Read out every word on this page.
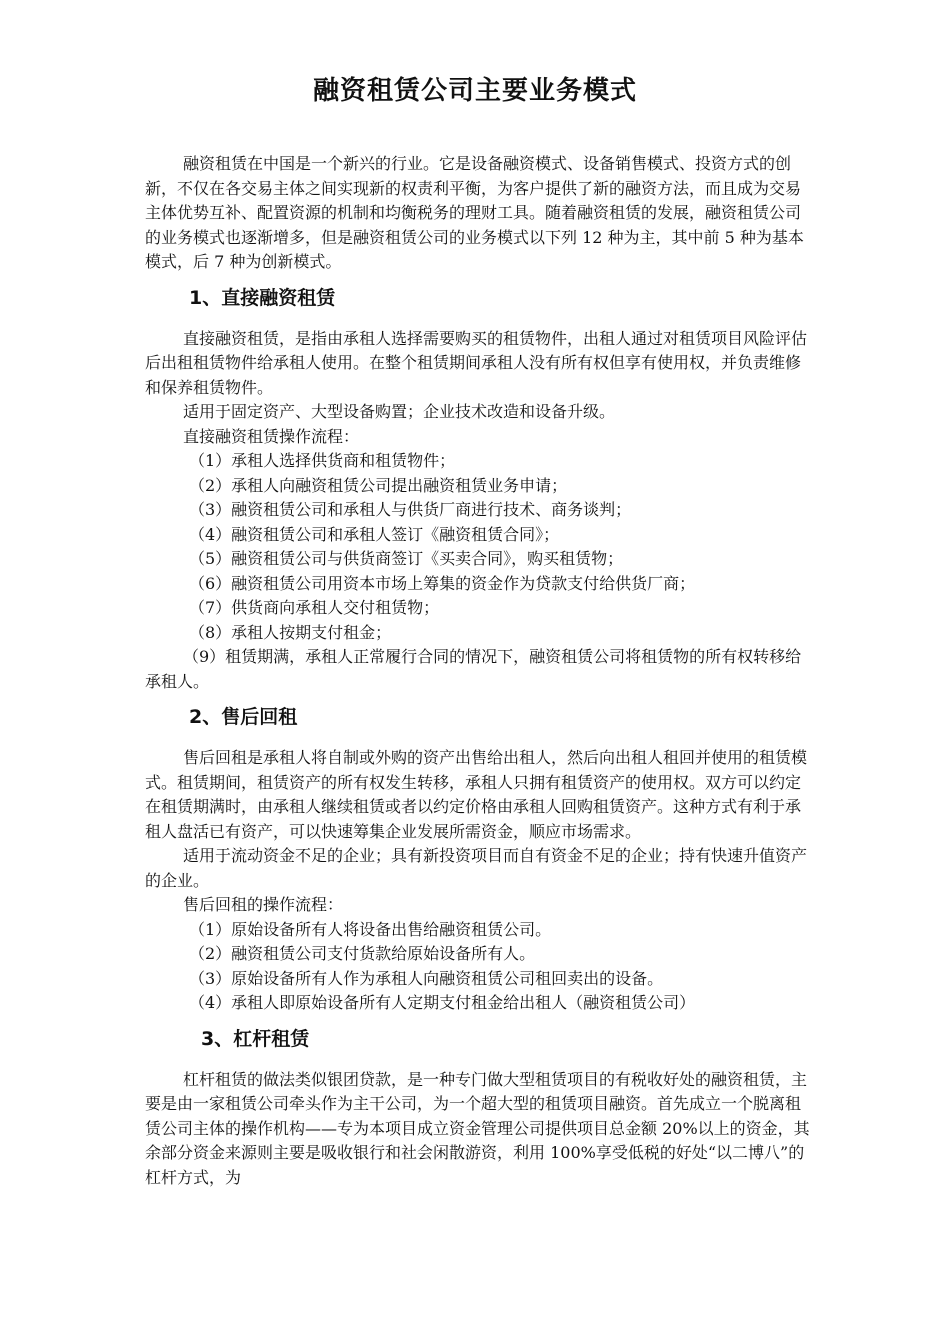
融资租赁公司主要业务模式

融资租赁在中国是一个新兴的行业。它是设备融资模式、设备销售模式、投资方式的创新，不仅在各交易主体之间实现新的权责利平衡，为客户提供了新的融资方法，而且成为交易主体优势互补、配置资源的机制和均衡税务的理财工具。随着融资租赁的发展，融资租赁公司的业务模式也逐渐增多，但是融资租赁公司的业务模式以下列 12 种为主，其中前 5 种为基本模式，后 7 种为创新模式。

1、直接融资租赁

直接融资租赁，是指由承租人选择需要购买的租赁物件，出租人通过对租赁项目风险评估后出租租赁物件给承租人使用。在整个租赁期间承租人没有所有权但享有使用权，并负责维修和保养租赁物件。

适用于固定资产、大型设备购置；企业技术改造和设备升级。

直接融资租赁操作流程：

（1）承租人选择供货商和租赁物件；

（2）承租人向融资租赁公司提出融资租赁业务申请；

（3）融资租赁公司和承租人与供货厂商进行技术、商务谈判；

（4）融资租赁公司和承租人签订《融资租赁合同》；

（5）融资租赁公司与供货商签订《买卖合同》，购买租赁物；

（6）融资租赁公司用资本市场上筹集的资金作为贷款支付给供货厂商；

（7）供货商向承租人交付租赁物；

（8）承租人按期支付租金；

（9）租赁期满，承租人正常履行合同的情况下，融资租赁公司将租赁物的所有权转移给承租人。

2、售后回租

售后回租是承租人将自制或外购的资产出售给出租人，然后向出租人租回并使用的租赁模式。租赁期间，租赁资产的所有权发生转移，承租人只拥有租赁资产的使用权。双方可以约定在租赁期满时，由承租人继续租赁或者以约定价格由承租人回购租赁资产。这种方式有利于承租人盘活已有资产，可以快速筹集企业发展所需资金，顺应市场需求。

适用于流动资金不足的企业；具有新投资项目而自有资金不足的企业；持有快速升值资产的企业。

售后回租的操作流程：

（1）原始设备所有人将设备出售给融资租赁公司。

（2）融资租赁公司支付货款给原始设备所有人。

（3）原始设备所有人作为承租人向融资租赁公司租回卖出的设备。

（4）承租人即原始设备所有人定期支付租金给出租人（融资租赁公司）

3、杠杆租赁

杠杆租赁的做法类似银团贷款，是一种专门做大型租赁项目的有税收好处的融资租赁，主要是由一家租赁公司牵头作为主干公司，为一个超大型的租赁项目融资。首先成立一个脱离租赁公司主体的操作机构——专为本项目成立资金管理公司提供项目总金额 20%以上的资金，其余部分资金来源则主要是吸收银行和社会闲散游资，利用 100%享受低税的好处“以二博八”的杠杆方式，为
